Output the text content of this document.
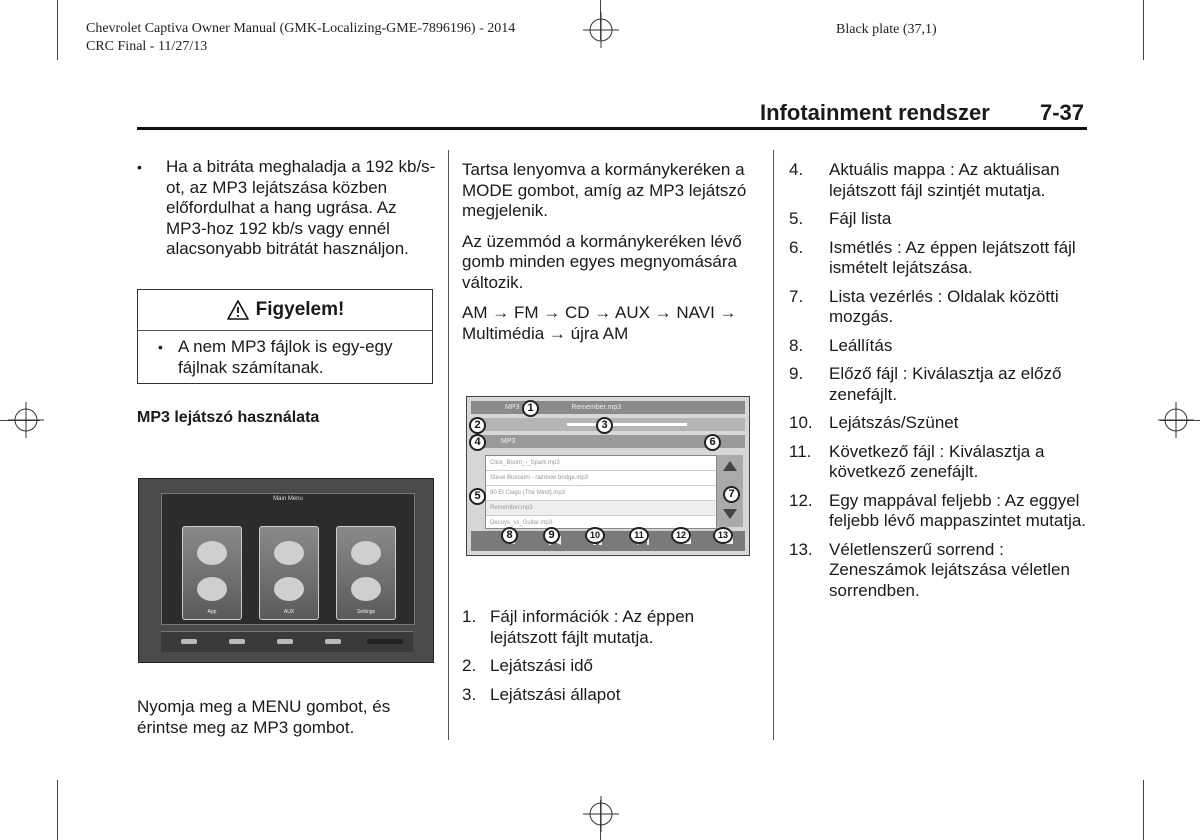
Chevrolet Captiva Owner Manual (GMK-Localizing-GME-7896196) - 2014
CRC Final - 11/27/13
Black plate (37,1)
Infotainment rendszer 7-37
•	Ha a bitráta meghaladja a 192 kb/s-ot, az MP3 lejátszása közben előfordulhat a hang ugrása. Az MP3-hoz 192 kb/s vagy ennél alacsonyabb bitrátát használjon.
Figyelem!
• A nem MP3 fájlok is egy-egy fájlnak számítanak.
MP3 lejátszó használata
Main Menu
App	AUX	Settings
Nyomja meg a MENU gombot, és érintse meg az MP3 gombot.

Tartsa lenyomva a kormánykeréken a MODE gombot, amíg az MP3 lejátszó megjelenik.

Az üzemmód a kormánykeréken lévő gomb minden egyes megnyomására változik.

AM → FM → CD → AUX → NAVI → Multimédia → újra AM

MP3	Remember.mp3
MP3
Click_Boom_-_Spark.mp3
Steve Buscemi - rainbow bridge.mp3
90 El Clago (The Mind).mp3
Remember.mp3
Decoys_vs_Guitar.mp3
1
2	3
4
5
6
7
8	9	10	11	12	13
1. Fájl információk : Az éppen lejátszott fájlt mutatja.
2. Lejátszási idő
3. Lejátszási állapot
4.	Aktuális mappa : Az aktuálisan lejátszott fájl szintjét mutatja.
5.	Fájl lista
6.	Ismétlés : Az éppen lejátszott fájl ismételt lejátszása.
7.	Lista vezérlés : Oldalak közötti mozgás.
8.	Leállítás
9.	Előző fájl : Kiválasztja az előző zenefájlt.
10. Lejátszás/Szünet
11.	Következő fájl : Kiválasztja a következő zenefájlt.
12. Egy mappával feljebb : Az eggyel feljebb lévő mappaszintet mutatja.
13. Véletlenszerű sorrend : Zeneszámok lejátszása véletlen sorrendben.
